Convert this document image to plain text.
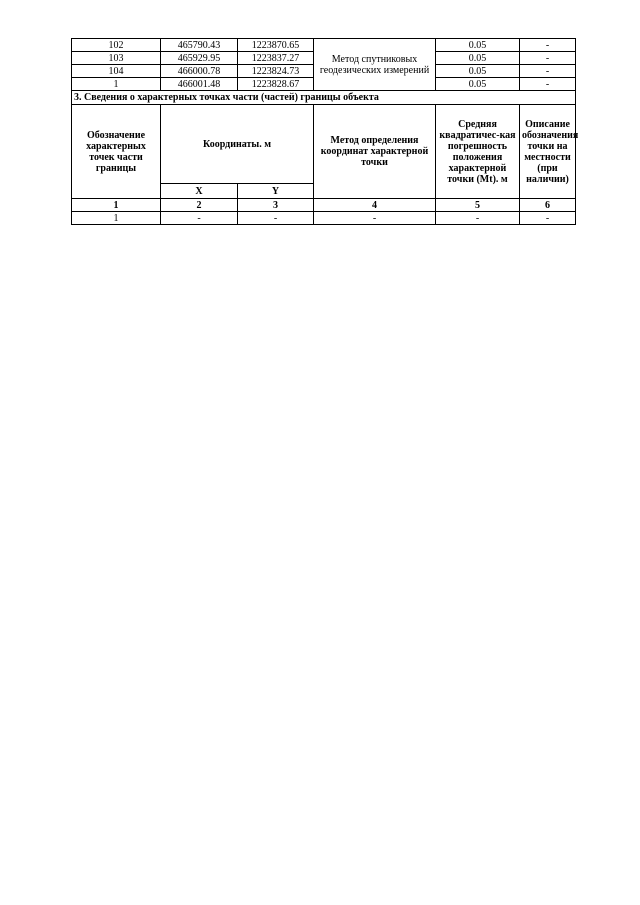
102	465790.43	1223870.65	Метод спутниковых геодезических измерений	0.05	-
103	465929.95	1223837.27		0.05	-
104	466000.78	1223824.73		0.05	-
1	466001.48	1223828.67		0.05	-
3. Сведения о характерных точках части (частей) границы объекта					
Обозначение характерных точек части границы	Координаты. м		Метод определения координат характерной точки	Средняя квадратичес-кая погрешность положения характерной точки (Mt). м	Описание обозначения точки на местности (при наличии)
	X	Y			
1	2	3	4	5	6
1	-	-	-	-	-
